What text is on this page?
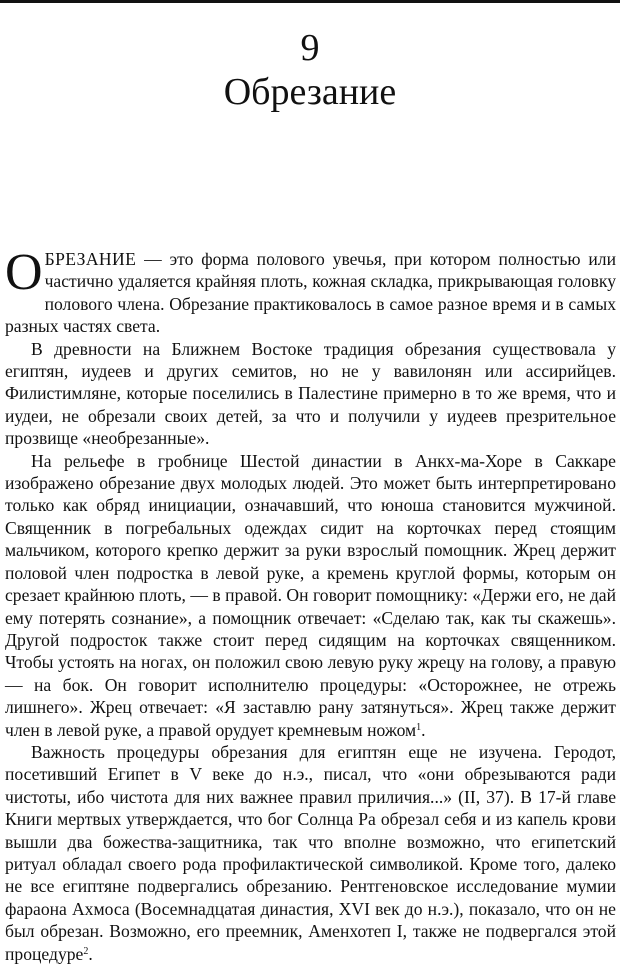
9
Обрезание

ОБРЕЗАНИЕ — это форма полового увечья, при котором полностью или частично удаляется крайняя плоть, кожная складка, прикрывающая головку полового члена. Обрезание практиковалось в самое разное время и в самых разных частях света.

В древности на Ближнем Востоке традиция обрезания существовала у египтян, иудеев и других семитов, но не у вавилонян или ассирийцев. Филистимляне, которые поселились в Палестине примерно в то же время, что и иудеи, не обрезали своих детей, за что и получили у иудеев презрительное прозвище «необрезанные».

На рельефе в гробнице Шестой династии в Анкх-ма-Хоре в Саккаре изображено обрезание двух молодых людей. Это может быть интерпретировано только как обряд инициации, означавший, что юноша становится мужчиной. Священник в погребальных одеждах сидит на корточках перед стоящим мальчиком, которого крепко держит за руки взрослый помощник. Жрец держит половой член подростка в левой руке, а кремень круглой формы, которым он срезает крайнюю плоть, — в правой. Он говорит помощнику: «Держи его, не дай ему потерять сознание», а помощник отвечает: «Сделаю так, как ты скажешь». Другой подросток также стоит перед сидящим на корточках священником. Чтобы устоять на ногах, он положил свою левую руку жрецу на голову, а правую — на бок. Он говорит исполнителю процедуры: «Осторожнее, не отрежь лишнего». Жрец отвечает: «Я заставлю рану затянуться». Жрец также держит член в левой руке, а правой орудует кремневым ножом$^1$.

Важность процедуры обрезания для египтян еще не изучена. Геродот, посетивший Египет в V веке до н.э., писал, что «они обрезываются ради чистоты, ибо чистота для них важнее правил приличия...» (II, 37). В 17-й главе Книги мертвых утверждается, что бог Солнца Ра обрезал себя и из капель крови вышли два божества-защитника, так что вполне возможно, что египетский ритуал обладал своего рода профилактической символикой. Кроме того, далеко не все египтяне подвергались обрезанию. Рентгеновское исследование мумии фараона Ахмоса (Восемнадцатая династия, XVI век до н.э.), показало, что он не был обрезан. Возможно, его преемник, Аменхотеп I, также не подвергался этой процедуре$^2$.
